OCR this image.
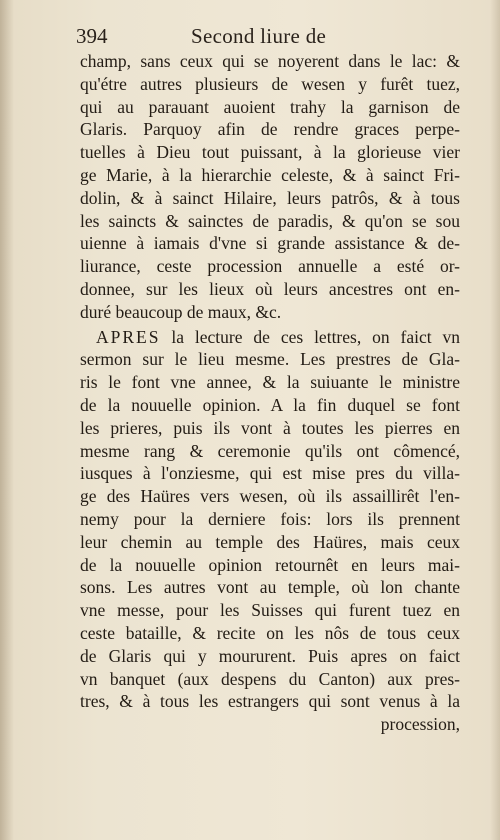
394	Second liure de
champ, sans ceux qui se noyerent dans le lac: &
qu'étre autres plusieurs de wesen y furêt tuez,
qui au parauant auoient trahy la garnison de
Glaris. Parquoy afin de rendre graces perpe-
tuelles à Dieu tout puissant, à la glorieuse vier
ge Marie, à la hierarchie celeste, & à sainct Fri-
dolin, & à sainct Hilaire, leurs patrôs, & à tous
les saincts & sainctes de paradis, & qu'on se sou
uienne à iamais d'vne si grande assistance & de-
liurance, ceste procession annuelle a esté or-
donnee, sur les lieux où leurs ancestres ont en-
duré beaucoup de maux, &c.
APRES la lecture de ces lettres, on faict vn
sermon sur le lieu mesme. Les prestres de Gla-
ris le font vne annee, & la suiuante le ministre
de la nouuelle opinion. A la fin duquel se font
les prieres, puis ils vont à toutes les pierres en
mesme rang & ceremonie qu'ils ont cômencé,
iusques à l'onziesme, qui est mise pres du villa-
ge des Haüres vers wesen, où ils assaillirêt l'en-
nemy pour la derniere fois: lors ils prennent
leur chemin au temple des Haüres, mais ceux
de la nouuelle opinion retournêt en leurs mai-
sons. Les autres vont au temple, où lon chante
vne messe, pour les Suisses qui furent tuez en
ceste bataille, & recite on les nôs de tous ceux
de Glaris qui y moururent. Puis apres on faict
vn banquet (aux despens du Canton) aux pres-
tres, & à tous les estrangers qui sont venus à la
procession,
